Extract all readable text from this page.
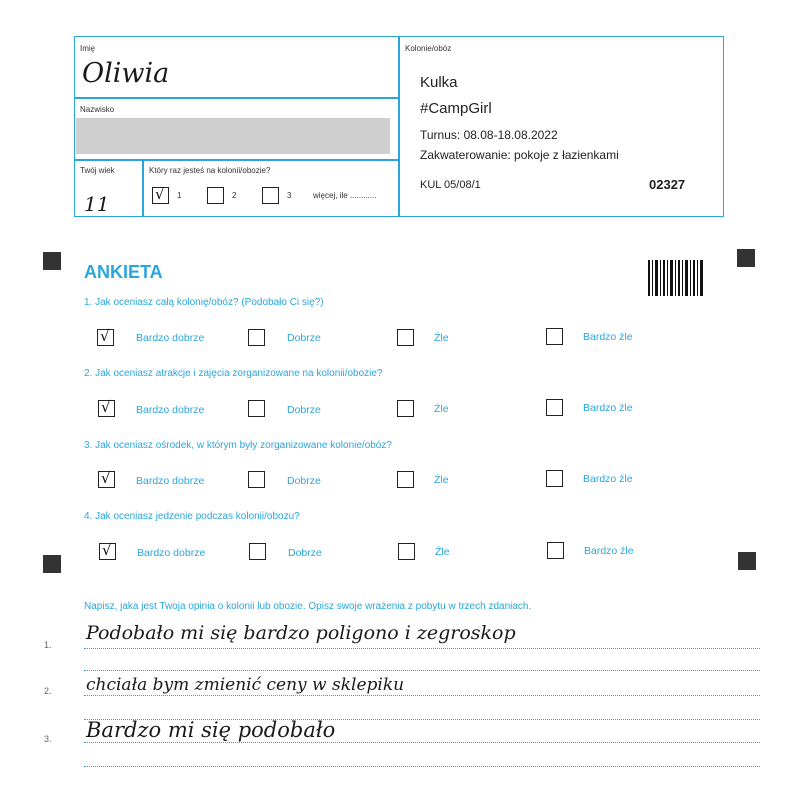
Imię
Oliwia
Nazwisko
Twój wiek
11
Który raz jesteś na kolonii/obozie?
√ 1	2	3	więcej, ile ............
Kolonie/obóz
Kulka
#CampGirl
Turnus: 08.08-18.08.2022
Zakwaterowanie: pokoje z łazienkami
KUL 05/08/1	02327
ANKIETA
1. Jak oceniasz całą kolonię/obóz? (Podobało Ci się?)
√	Bardzo dobrze	Dobrze	Źle	Bardzo źle
2. Jak oceniasz atrakcje i zajęcia zorganizowane na kolonii/obozie?
√ Bardzo dobrze	Dobrze	Źle	Bardzo źle
3. Jak oceniasz ośrodek, w którym były zorganizowane kolonie/obóz?
√ Bardzo dobrze	Dobrze	Źle	Bardzo źle
4. Jak oceniasz jedzenie podczas kolonii/obozu?
√ Bardzo dobrze	Dobrze	Źle	Bardzo źle
Napisz, jaka jest Twoja opinia o kolonii lub obozie. Opisz swoje wrażenia z pobytu w trzech zdaniach.
1.
Podobało mi się bardzo poligono i zegroskop
2. chciała bym zmienić ceny w sklepiku
3. Bardzo mi się podobało
